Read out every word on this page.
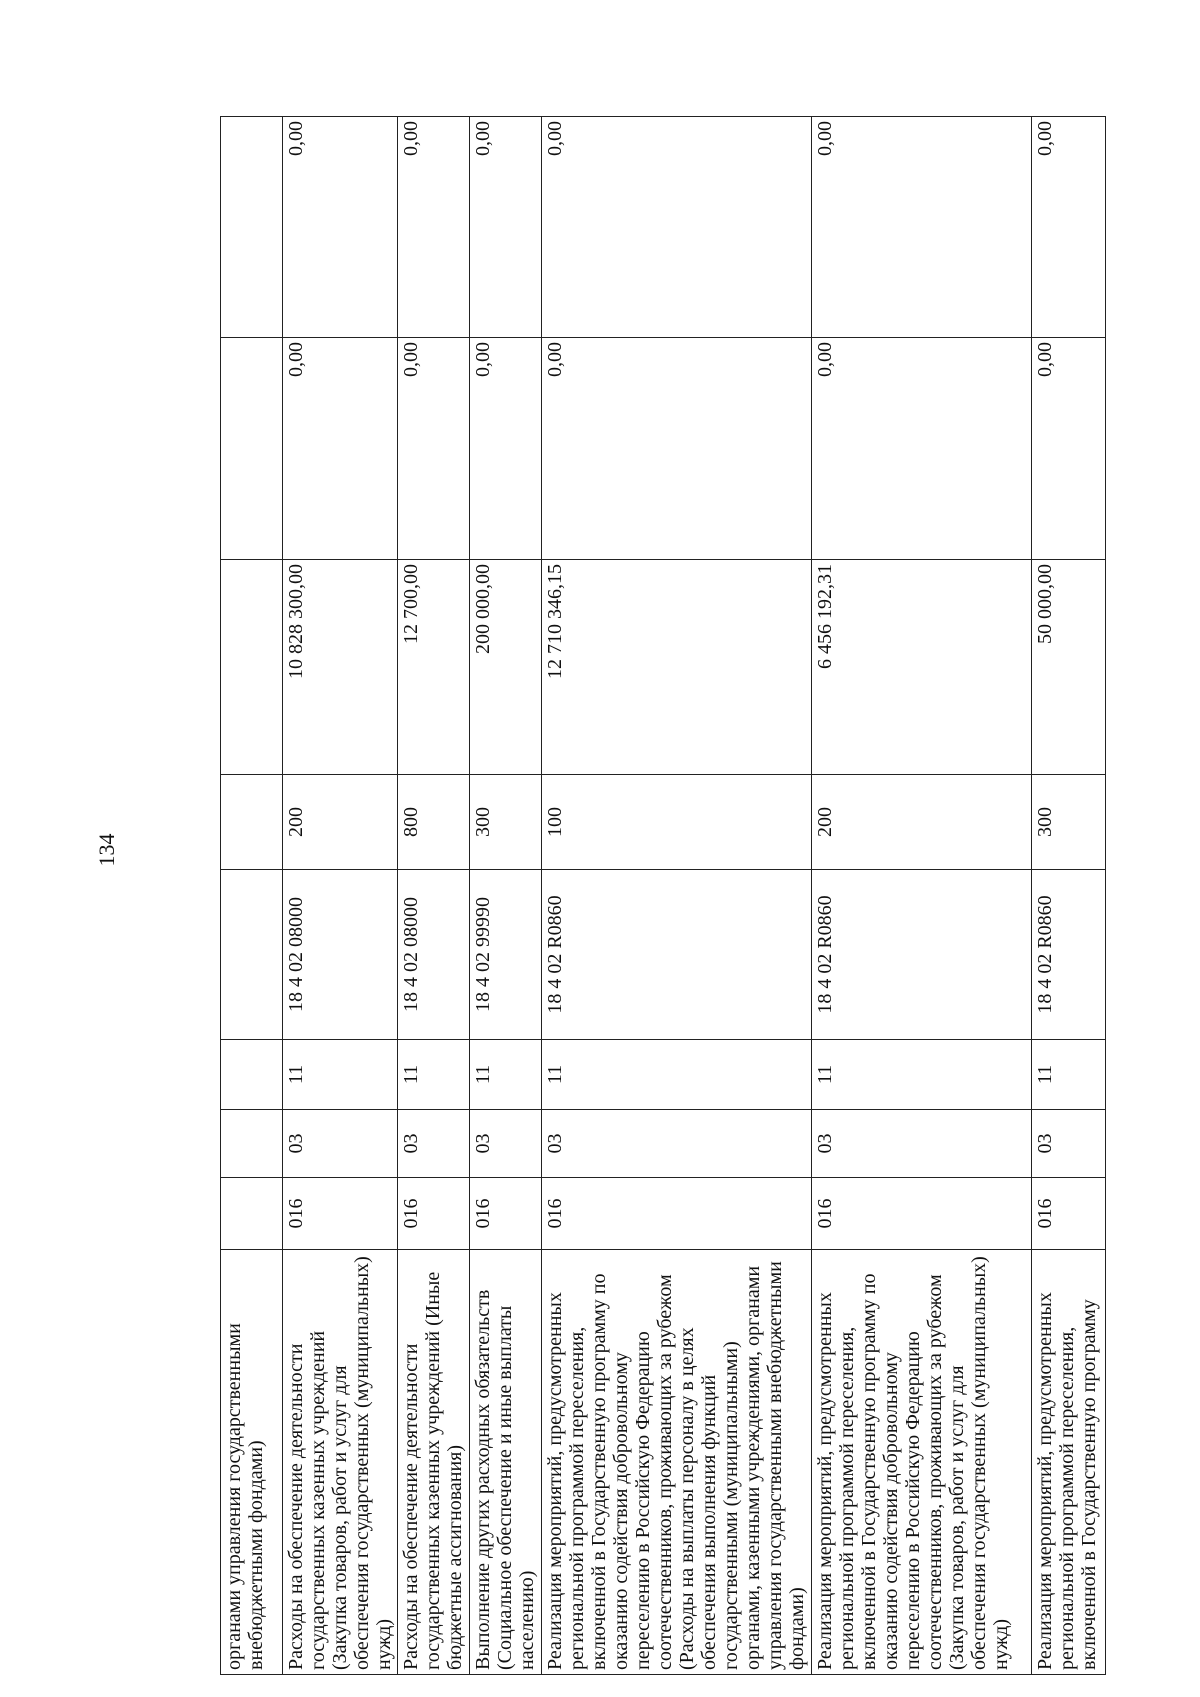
134
органами управления государственными внебюджетными фондами)								
Расходы на обеспечение деятельности государственных казенных учреждений (Закупка товаров, работ и услуг для обеспечения государственных (муниципальных) нужд)	016	03	11	18 4 02 08000	200	10 828 300,00	0,00	0,00
Расходы на обеспечение деятельности государственных казенных учреждений (Иные бюджетные ассигнования)	016	03	11	18 4 02 08000	800	12 700,00	0,00	0,00
Выполнение других расходных обязательств (Социальное обеспечение и иные выплаты населению)	016	03	11	18 4 02 99990	300	200 000,00	0,00	0,00
Реализация мероприятий, предусмотренных региональной программой переселения, включенной в Государственную программу по оказанию содействия добровольному переселению в Российскую Федерацию соотечественников, проживающих за рубежом (Расходы на выплаты персоналу в целях обеспечения выполнения функций государственными (муниципальными) органами, казенными учреждениями, органами управления государственными внебюджетными фондами)	016	03	11	18 4 02 R0860	100	12 710 346,15	0,00	0,00
Реализация мероприятий, предусмотренных региональной программой переселения, включенной в Государственную программу по оказанию содействия добровольному переселению в Российскую Федерацию соотечественников, проживающих за рубежом (Закупка товаров, работ и услуг для обеспечения государственных (муниципальных) нужд)	016	03	11	18 4 02 R0860	200	6 456 192,31	0,00	0,00
Реализация мероприятий, предусмотренных региональной программой переселения, включенной в Государственную программу	016	03	11	18 4 02 R0860	300	50 000,00	0,00	0,00
